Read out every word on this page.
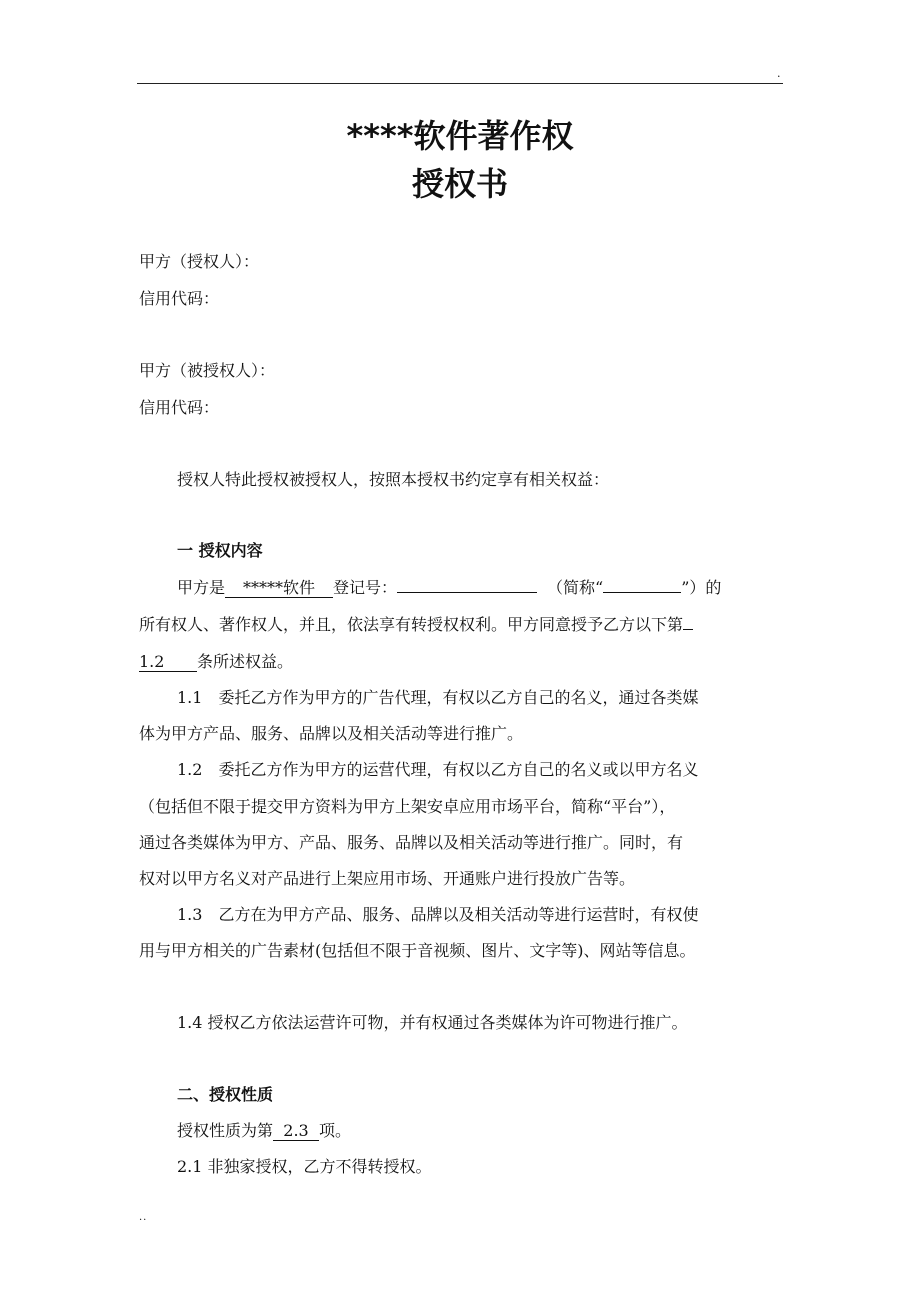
.
****软件著作权
授权书
甲方（授权人）：
信用代码：
甲方（被授权人）：
信用代码：
授权人特此授权被授权人，按照本授权书约定享有相关权益：
一 授权内容
甲方是 *****软件 登记号：	（简称“	”）的
所有权人、著作权人，并且，依法享有转授权权利。甲方同意授予乙方以下第
1.2 条所述权益。
1.1　委托乙方作为甲方的广告代理，有权以乙方自己的名义，通过各类媒
体为甲方产品、服务、品牌以及相关活动等进行推广。
1.2　委托乙方作为甲方的运营代理，有权以乙方自己的名义或以甲方名义
（包括但不限于提交甲方资料为甲方上架安卓应用市场平台，简称“平台”），
通过各类媒体为甲方、产品、服务、品牌以及相关活动等进行推广。同时，有
权对以甲方名义对产品进行上架应用市场、开通账户进行投放广告等。
1.3　乙方在为甲方产品、服务、品牌以及相关活动等进行运营时，有权使
用与甲方相关的广告素材(包括但不限于音视频、图片、文字等)、网站等信息。
1.4 授权乙方依法运营许可物，并有权通过各类媒体为许可物进行推广。
二、授权性质
授权性质为第 2.3 项。
2.1 非独家授权，乙方不得转授权。
..
